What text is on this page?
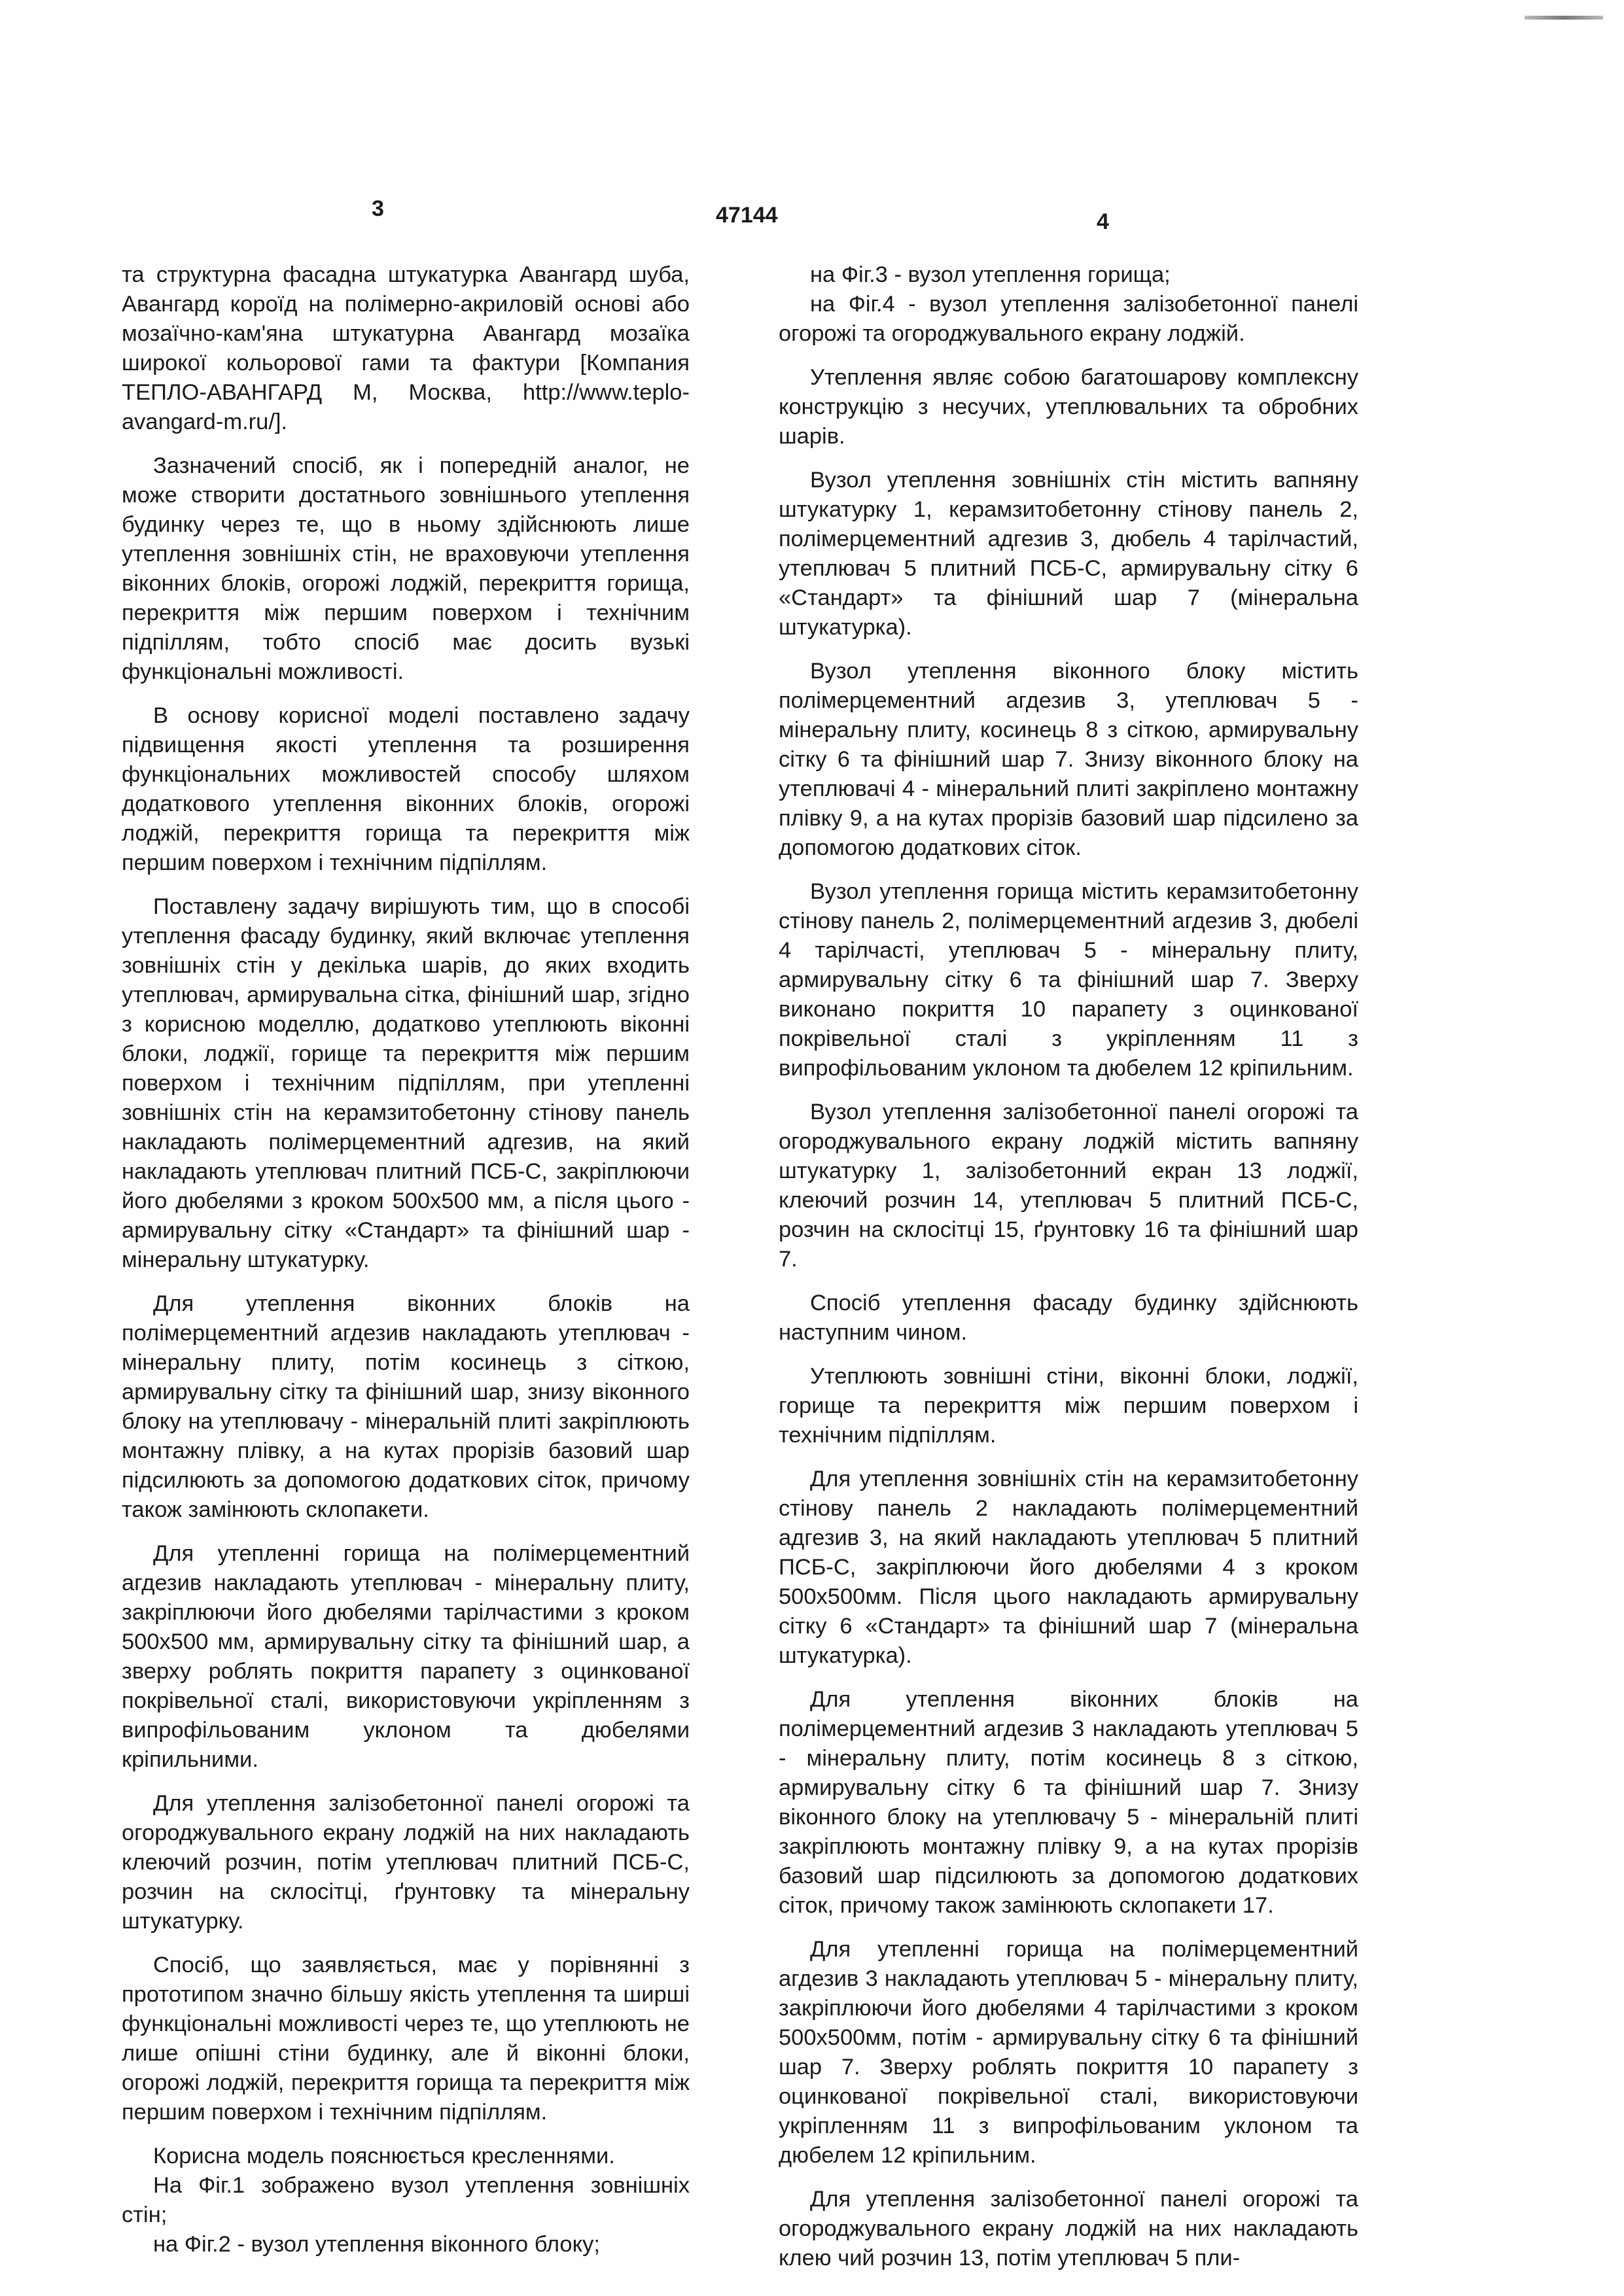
3	47144	4

та структурна фасадна штукатурка Авангард шуба, Авангард короїд на полімерно-акриловій основі або мозаїчно-кам'яна штукатурна Авангард мозаїка широкої кольорової гами та фактури [Компания ТЕПЛО-АВАНГАРД М, Москва, http://www.teplo-avangard-m.ru/].

Зазначений спосіб, як і попередній аналог, не може створити достатнього зовнішнього утеплення будинку через те, що в ньому здійснюють лише утеплення зовнішніх стін, не враховуючи утеплення віконних блоків, огорожі лоджій, перекриття горища, перекриття між першим поверхом і технічним підпіллям, тобто спосіб має досить вузькі функціональні можливості.

В основу корисної моделі поставлено задачу підвищення якості утеплення та розширення функціональних можливостей способу шляхом додаткового утеплення віконних блоків, огорожі лоджій, перекриття горища та перекриття між першим поверхом і технічним підпіллям.

Поставлену задачу вирішують тим, що в способі утеплення фасаду будинку, який включає утеплення зовнішніх стін у декілька шарів, до яких входить утеплювач, армирувальна сітка, фінішний шар, згідно з корисною моделлю, додатково утеплюють віконні блоки, лоджії, горище та перекриття між першим поверхом і технічним підпіллям, при утепленні зовнішніх стін на керамзитобетонну стінову панель накладають полімерцементний адгезив, на який накладають утеплювач плитний ПСБ-С, закріплюючи його дюбелями з кроком 500x500 мм, а після цього - армирувальну сітку «Стандарт» та фінішний шар - мінеральну штукатурку.

Для утеплення віконних блоків на полімерцементний агдезив накладають утеплювач - мінеральну плиту, потім косинець з сіткою, армирувальну сітку та фінішний шар, знизу віконного блоку на утеплювачу - мінеральній плиті закріплюють монтажну плівку, а на кутах прорізів базовий шар підсилюють за допомогою додаткових сіток, причому також замінюють склопакети.

Для утепленні горища на полімерцементний агдезив накладають утеплювач - мінеральну плиту, закріплюючи його дюбелями тарілчастими з кроком 500x500 мм, армирувальну сітку та фінішний шар, а зверху роблять покриття парапету з оцинкованої покрівельної сталі, використовуючи укріпленням з випрофільованим уклоном та дюбелями кріпильними.

Для утеплення залізобетонної панелі огорожі та огороджувального екрану лоджій на них накладають клеючий розчин, потім утеплювач плитний ПСБ-С, розчин на склосітці, ґрунтовку та мінеральну штукатурку.

Спосіб, що заявляється, має у порівнянні з прототипом значно більшу якість утеплення та ширші функціональні можливості через те, що утеплюють не лише опішні стіни будинку, але й віконні блоки, огорожі лоджій, перекриття горища та перекриття між першим поверхом і технічним підпіллям.

Корисна модель пояснюється кресленнями.

На Фіг.1 зображено вузол утеплення зовнішніх стін;

на Фіг.2 - вузол утеплення віконного блоку;

на Фіг.3 - вузол утеплення горища;

на Фіг.4 - вузол утеплення залізобетонної панелі огорожі та огороджувального екрану лоджій.

Утеплення являє собою багатошарову комплексну конструкцію з несучих, утеплювальних та обробних шарів.

Вузол утеплення зовнішніх стін містить вапняну штукатурку 1, керамзитобетонну стінову панель 2, полімерцементний адгезив 3, дюбель 4 тарілчастий, утеплювач 5 плитний ПСБ-С, армирувальну сітку 6 «Стандарт» та фінішний шар 7 (мінеральна штукатурка).

Вузол утеплення віконного блоку містить полімерцементний агдезив 3, утеплювач 5 - мінеральну плиту, косинець 8 з сіткою, армирувальну сітку 6 та фінішний шар 7. Знизу віконного блоку на утеплювачі 4 - мінеральний плиті закріплено монтажну плівку 9, а на кутах прорізів базовий шар підсилено за допомогою додаткових сіток.

Вузол утеплення горища містить керамзитобетонну стінову панель 2, полімерцементний агдезив 3, дюбелі 4 тарілчасті, утеплювач 5 - мінеральну плиту, армирувальну сітку 6 та фінішний шар 7. Зверху виконано покриття 10 парапету з оцинкованої покрівельної сталі з укріпленням 11 з випрофільованим уклоном та дюбелем 12 кріпильним.

Вузол утеплення залізобетонної панелі огорожі та огороджувального екрану лоджій містить вапняну штукатурку 1, залізобетонний екран 13 лоджії, клеючий розчин 14, утеплювач 5 плитний ПСБ-С, розчин на склосітці 15, ґрунтовку 16 та фінішний шар 7.

Спосіб утеплення фасаду будинку здійснюють наступним чином.

Утеплюють зовнішні стіни, віконні блоки, лоджії, горище та перекриття між першим поверхом і технічним підпіллям.

Для утеплення зовнішніх стін на керамзитобетонну стінову панель 2 накладають полімерцементний адгезив 3, на який накладають утеплювач 5 плитний ПСБ-С, закріплюючи його дюбелями 4 з кроком 500x500мм. Після цього накладають армирувальну сітку 6 «Стандарт» та фінішний шар 7 (мінеральна штукатурка).

Для утеплення віконних блоків на полімерцементний агдезив 3 накладають утеплювач 5 - мінеральну плиту, потім косинець 8 з сіткою, армирувальну сітку 6 та фінішний шар 7. Знизу віконного блоку на утеплювачу 5 - мінеральній плиті закріплюють монтажну плівку 9, а на кутах прорізів базовий шар підсилюють за допомогою додаткових сіток, причому також замінюють склопакети 17.

Для утепленні горища на полімерцементний агдезив 3 накладають утеплювач 5 - мінеральну плиту, закріплюючи його дюбелями 4 тарілчастими з кроком 500x500мм, потім - армирувальну сітку 6 та фінішний шар 7. Зверху роблять покриття 10 парапету з оцинкованої покрівельної сталі, використовуючи укріпленням 11 з випрофільованим уклоном та дюбелем 12 кріпильним.

Для утеплення залізобетонної панелі огорожі та огороджувального екрану лоджій на них накладають клею чий розчин 13, потім утеплювач 5 пли-
